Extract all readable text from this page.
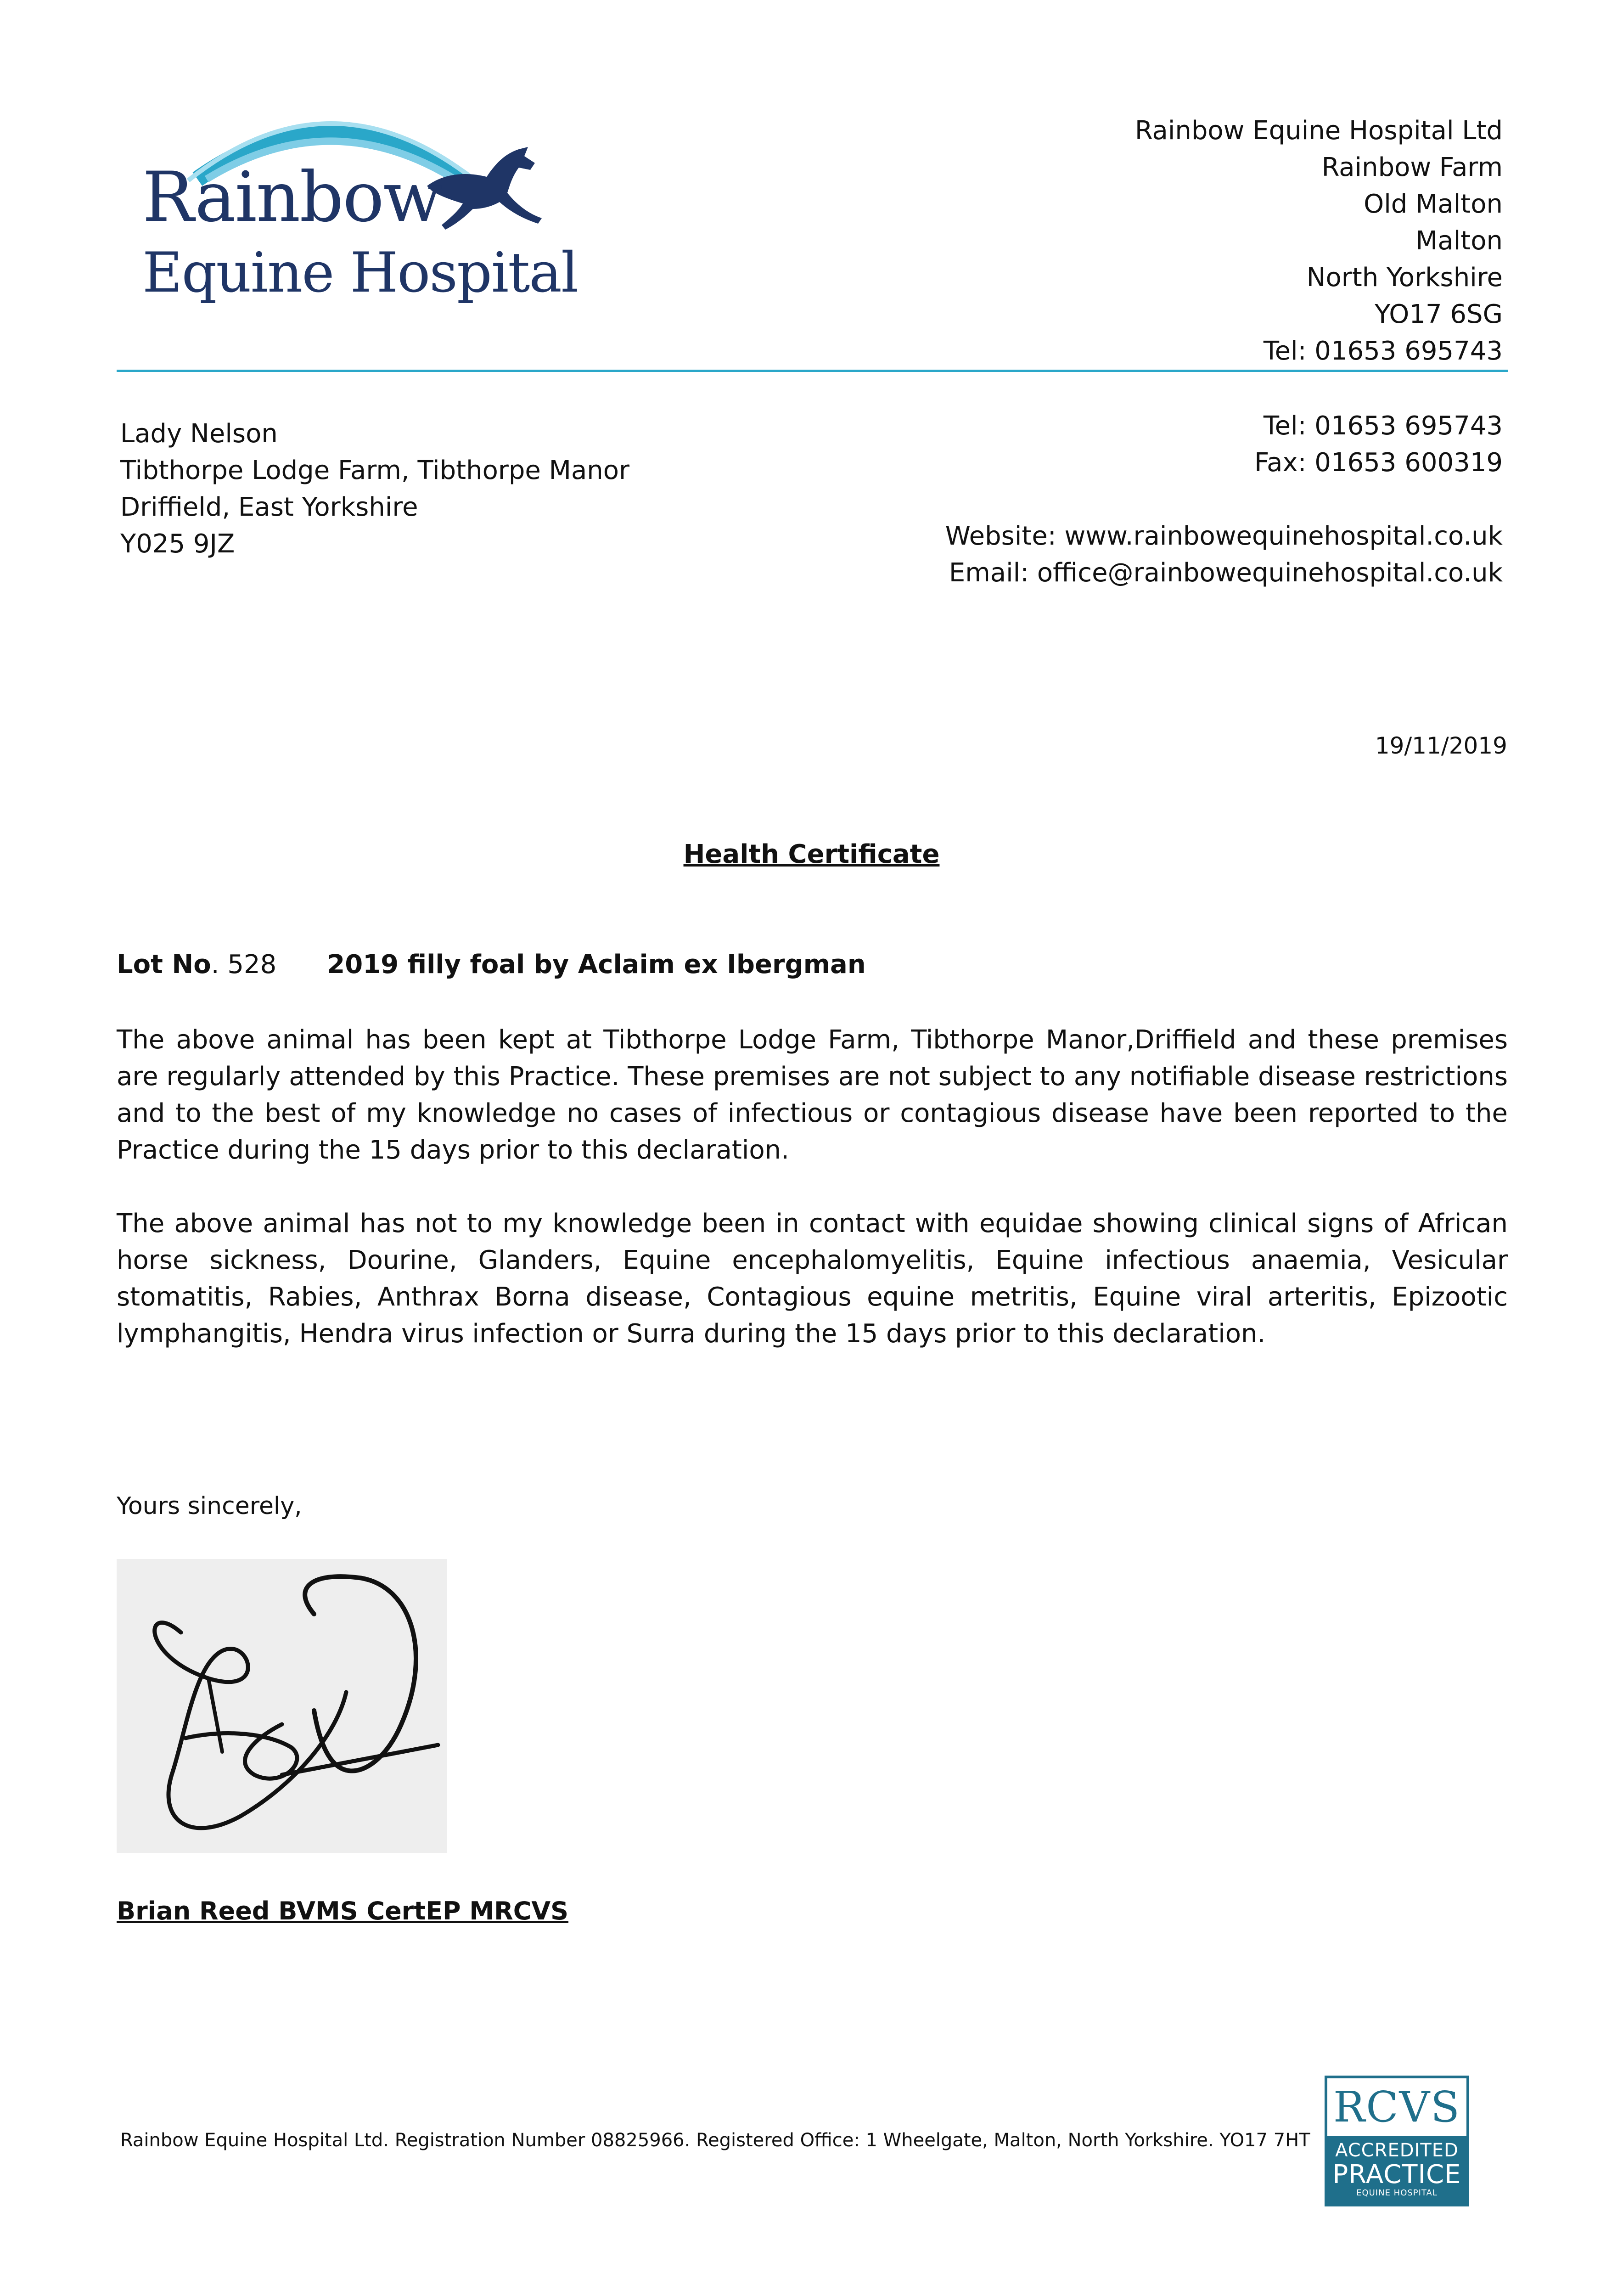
Rainbow
Equine Hospital
Rainbow Equine Hospital Ltd
Rainbow Farm
Old Malton
Malton
North Yorkshire
YO17 6SG
Tel: 01653 695743
Lady Nelson
Tibthorpe Lodge Farm, Tibthorpe Manor
Driffield, East Yorkshire
Y025 9JZ
Tel: 01653 695743
Fax: 01653 600319
Website: www.rainbowequinehospital.co.uk
Email: office@rainbowequinehospital.co.uk
19/11/2019
Health Certificate
Lot No. 528 2019 filly foal by Aclaim ex Ibergman
The above animal has been kept at Tibthorpe Lodge Farm, Tibthorpe Manor,Driffield and these premises are regularly attended by this Practice. These premises are not subject to any notifiable disease restrictions and to the best of my knowledge no cases of infectious or contagious disease have been reported to the Practice during the 15 days prior to this declaration.
The above animal has not to my knowledge been in contact with equidae showing clinical signs of African horse sickness, Dourine, Glanders, Equine encephalomyelitis, Equine infectious anaemia, Vesicular stomatitis, Rabies, Anthrax Borna disease, Contagious equine metritis, Equine viral arteritis, Epizootic lymphangitis, Hendra virus infection or Surra during the 15 days prior to this declaration.
Yours sincerely,
Brian Reed BVMS CertEP MRCVS
Rainbow Equine Hospital Ltd. Registration Number 08825966. Registered Office: 1 Wheelgate, Malton, North Yorkshire. YO17 7HT
RCVS
ACCREDITED
PRACTICE
EQUINE HOSPITAL
